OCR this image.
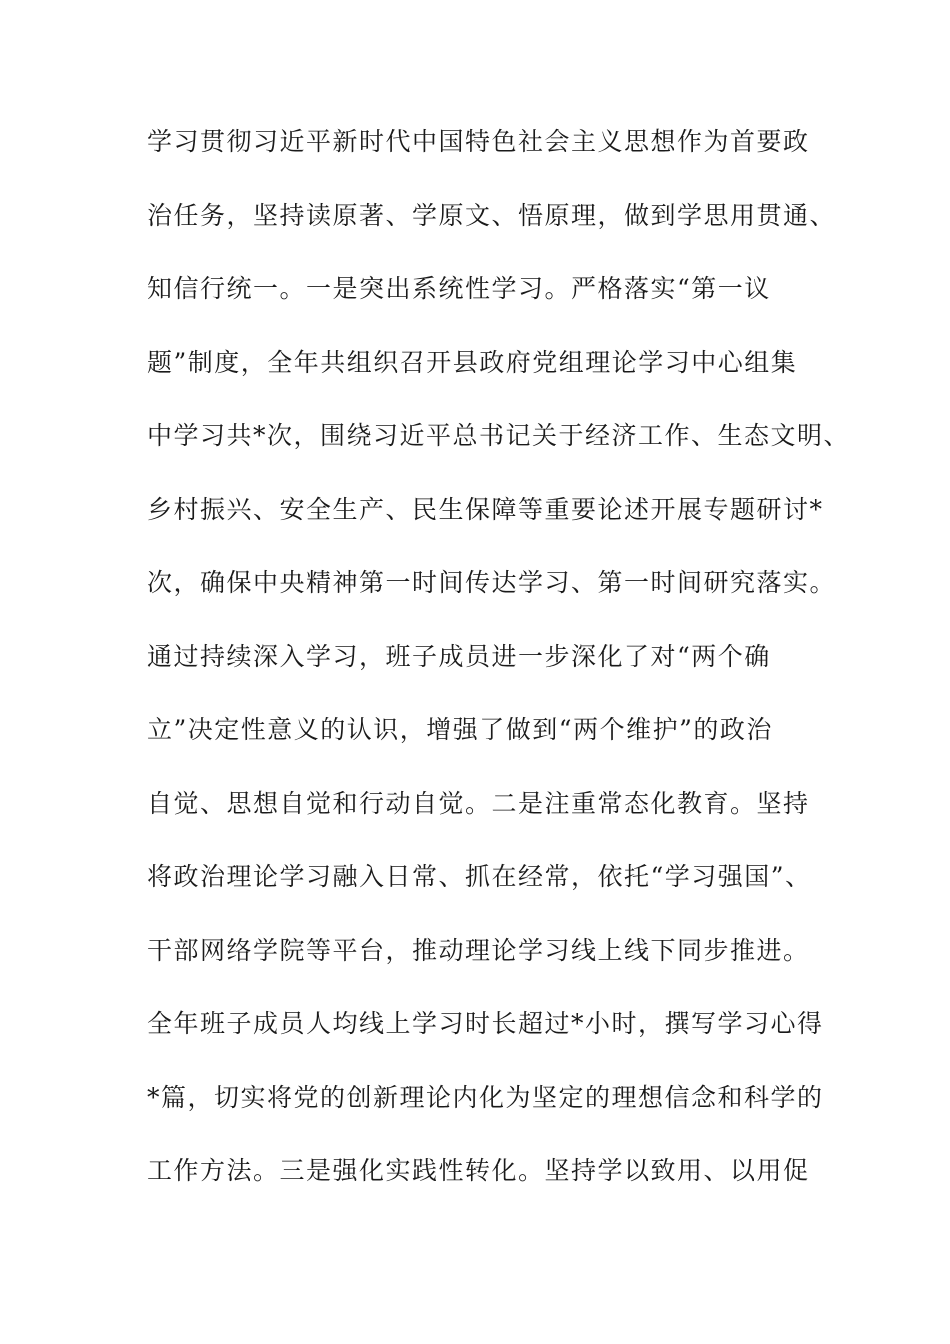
学习贯彻习近平新时代中国特色社会主义思想作为首要政
治任务，坚持读原著、学原文、悟原理，做到学思用贯通、
知信行统一。一是突出系统性学习。严格落实“第一议
题”制度，全年共组织召开县政府党组理论学习中心组集
中学习共*次，围绕习近平总书记关于经济工作、生态文明、
乡村振兴、安全生产、民生保障等重要论述开展专题研讨*
次，确保中央精神第一时间传达学习、第一时间研究落实。
通过持续深入学习，班子成员进一步深化了对“两个确
立”决定性意义的认识，增强了做到“两个维护”的政治
自觉、思想自觉和行动自觉。二是注重常态化教育。坚持
将政治理论学习融入日常、抓在经常，依托“学习强国”、
干部网络学院等平台，推动理论学习线上线下同步推进。
全年班子成员人均线上学习时长超过*小时，撰写学习心得
*篇，切实将党的创新理论内化为坚定的理想信念和科学的
工作方法。三是强化实践性转化。坚持学以致用、以用促
